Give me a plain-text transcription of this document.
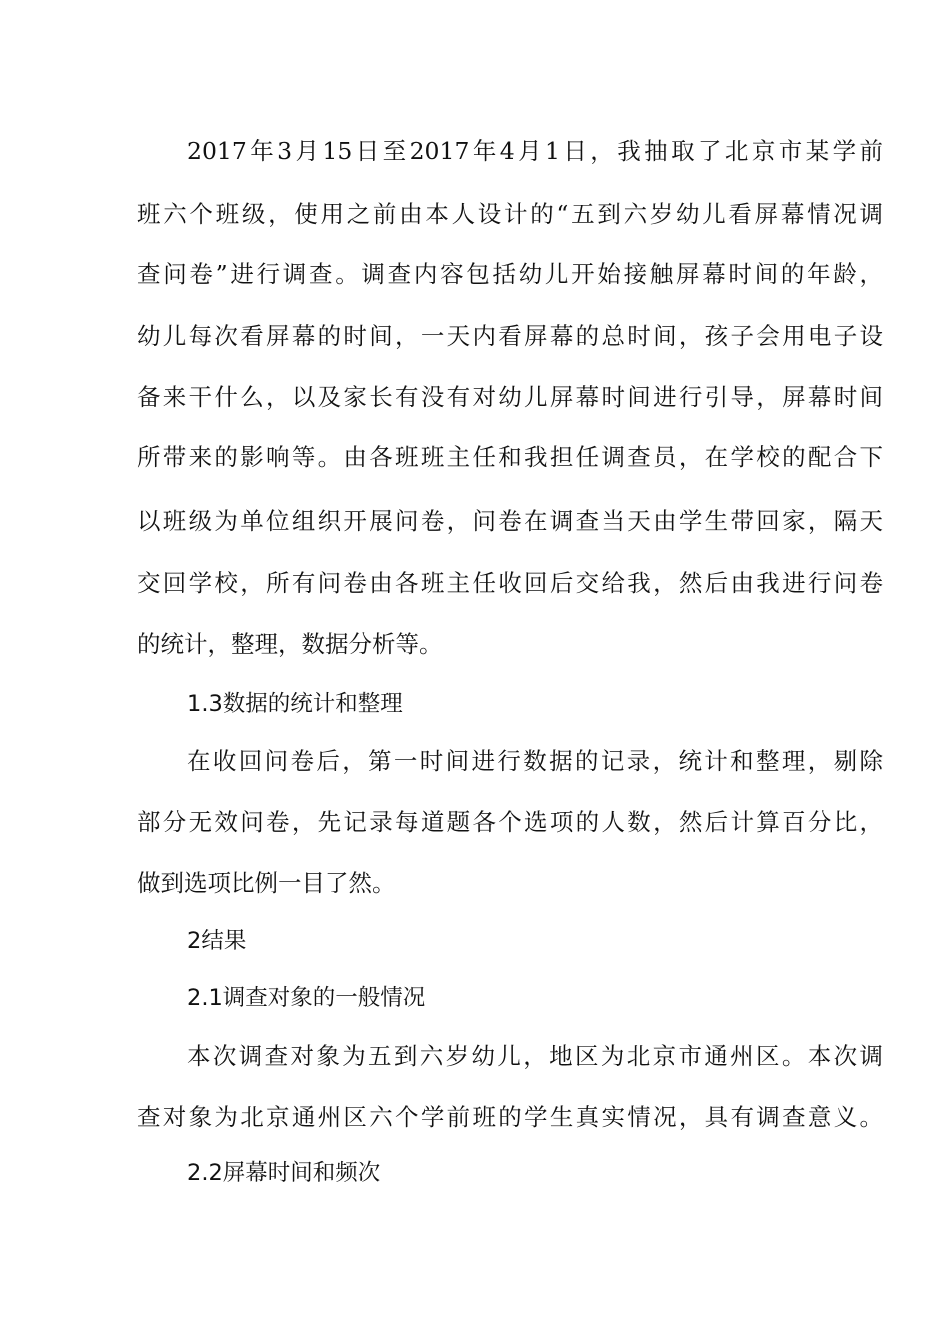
2017年3月15日至2017年4月1日，我抽取了北京市某学前
班六个班级，使用之前由本人设计的“五到六岁幼儿看屏幕情况调
查问卷”进行调查。调查内容包括幼儿开始接触屏幕时间的年龄，
幼儿每次看屏幕的时间，一天内看屏幕的总时间，孩子会用电子设
备来干什么，以及家长有没有对幼儿屏幕时间进行引导，屏幕时间
所带来的影响等。由各班班主任和我担任调查员，在学校的配合下
以班级为单位组织开展问卷，问卷在调查当天由学生带回家，隔天
交回学校，所有问卷由各班主任收回后交给我，然后由我进行问卷
的统计，整理，数据分析等。
1.3数据的统计和整理
在收回问卷后，第一时间进行数据的记录，统计和整理，剔除
部分无效问卷，先记录每道题各个选项的人数，然后计算百分比，
做到选项比例一目了然。
2结果
2.1调查对象的一般情况
本次调查对象为五到六岁幼儿，地区为北京市通州区。本次调
查对象为北京通州区六个学前班的学生真实情况，具有调查意义。
2.2屏幕时间和频次
